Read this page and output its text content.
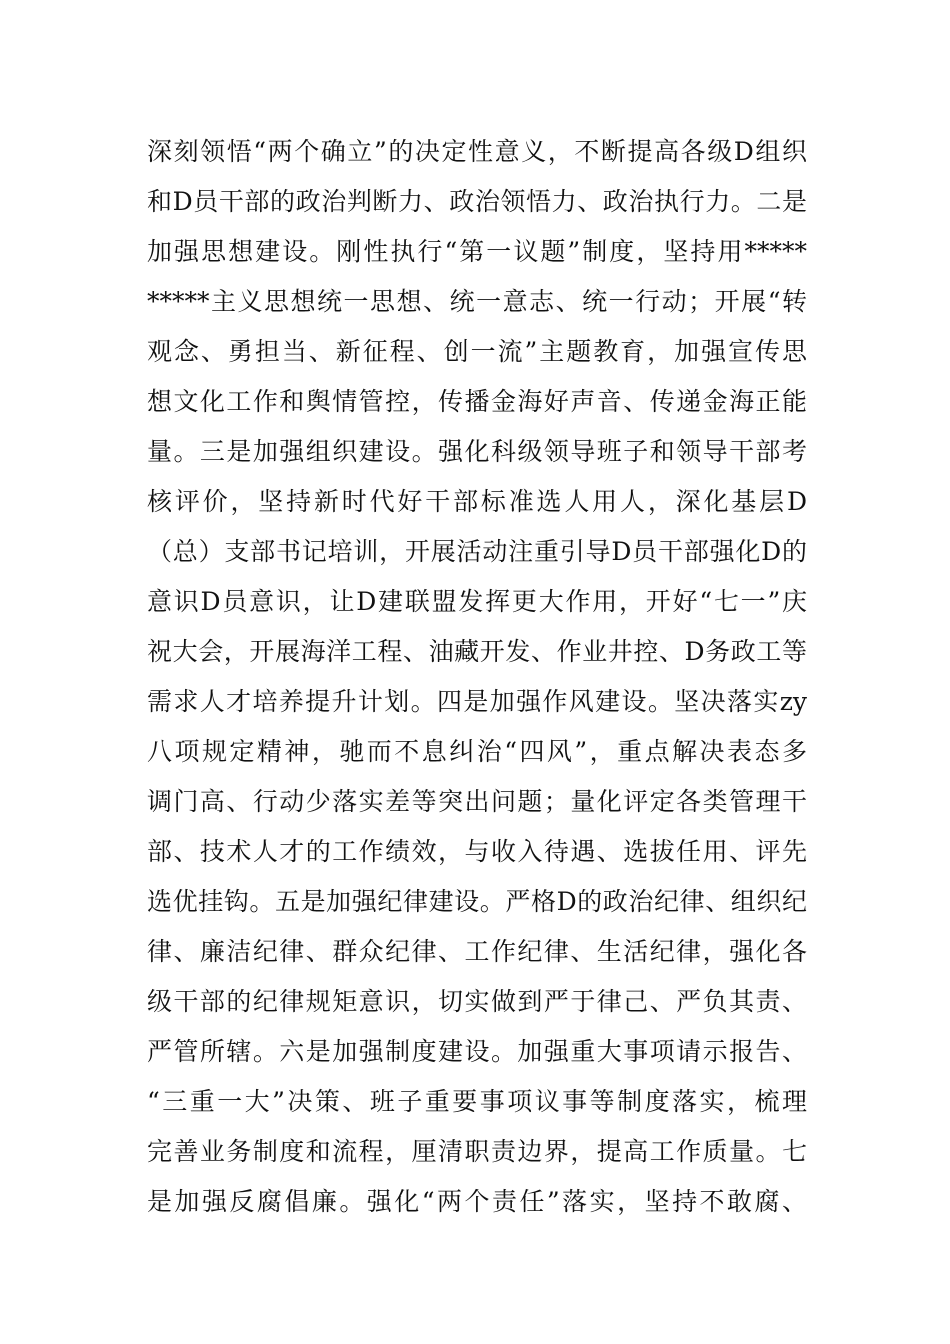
深刻领悟“两个确立”的决定性意义，不断提高各级D组织
和D员干部的政治判断力、政治领悟力、政治执行力。二是
加强思想建设。刚性执行“第一议题”制度，坚持用*****
*****主义思想统一思想、统一意志、统一行动；开展“转
观念、勇担当、新征程、创一流”主题教育，加强宣传思
想文化工作和舆情管控，传播金海好声音、传递金海正能
量。三是加强组织建设。强化科级领导班子和领导干部考
核评价，坚持新时代好干部标准选人用人，深化基层D
（总）支部书记培训，开展活动注重引导D员干部强化D的
意识D员意识，让D建联盟发挥更大作用，开好“七一”庆
祝大会，开展海洋工程、油藏开发、作业井控、D务政工等
需求人才培养提升计划。四是加强作风建设。坚决落实zy
八项规定精神，驰而不息纠治“四风”，重点解决表态多
调门高、行动少落实差等突出问题；量化评定各类管理干
部、技术人才的工作绩效，与收入待遇、选拔任用、评先
选优挂钩。五是加强纪律建设。严格D的政治纪律、组织纪
律、廉洁纪律、群众纪律、工作纪律、生活纪律，强化各
级干部的纪律规矩意识，切实做到严于律己、严负其责、
严管所辖。六是加强制度建设。加强重大事项请示报告、
“三重一大”决策、班子重要事项议事等制度落实，梳理
完善业务制度和流程，厘清职责边界，提高工作质量。七
是加强反腐倡廉。强化“两个责任”落实，坚持不敢腐、
